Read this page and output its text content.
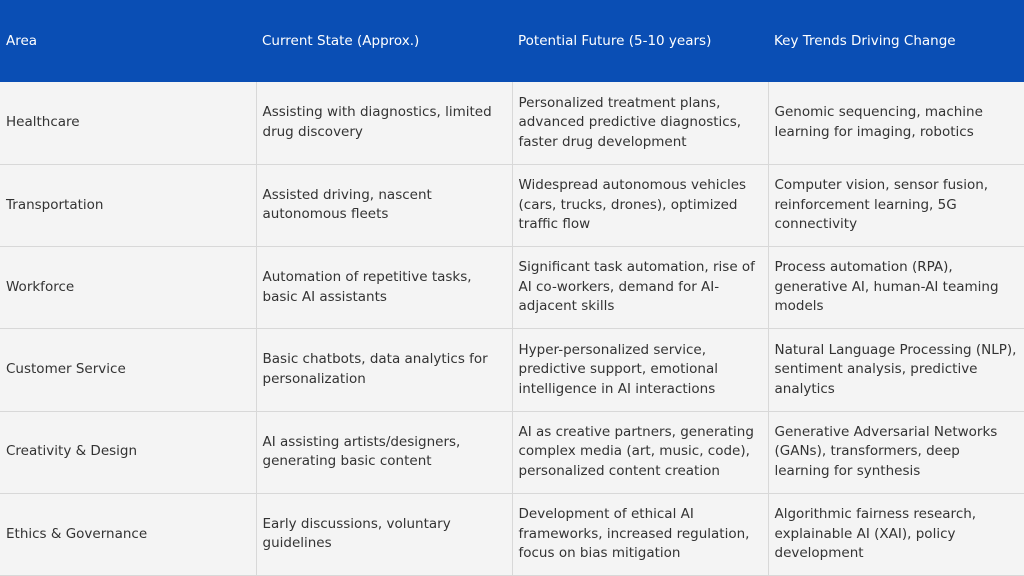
Area	Current State (Approx.)	Potential Future (5-10 years)	Key Trends Driving Change
Healthcare	Assisting with diagnostics, limited drug discovery	Personalized treatment plans, advanced predictive diagnostics, faster drug development	Genomic sequencing, machine learning for imaging, robotics
Transportation	Assisted driving, nascent autonomous fleets	Widespread autonomous vehicles (cars, trucks, drones), optimized traffic flow	Computer vision, sensor fusion, reinforcement learning, 5G connectivity
Workforce	Automation of repetitive tasks, basic AI assistants	Significant task automation, rise of AI co-workers, demand for AI-adjacent skills	Process automation (RPA), generative AI, human-AI teaming models
Customer Service	Basic chatbots, data analytics for personalization	Hyper-personalized service, predictive support, emotional intelligence in AI interactions	Natural Language Processing (NLP), sentiment analysis, predictive analytics
Creativity & Design	AI assisting artists/designers, generating basic content	AI as creative partners, generating complex media (art, music, code), personalized content creation	Generative Adversarial Networks (GANs), transformers, deep learning for synthesis
Ethics & Governance	Early discussions, voluntary guidelines	Development of ethical AI frameworks, increased regulation, focus on bias mitigation	Algorithmic fairness research, explainable AI (XAI), policy development
